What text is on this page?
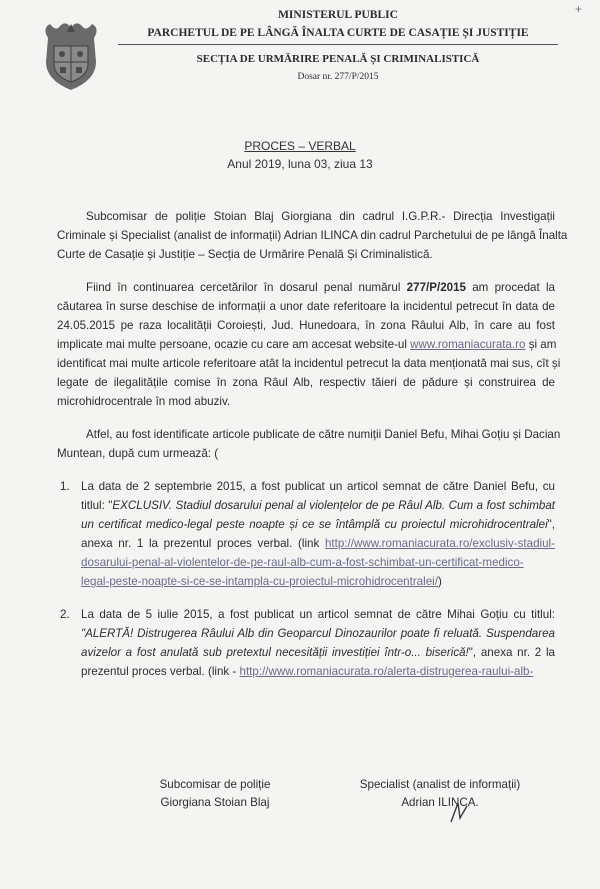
MINISTERUL PUBLIC
PARCHETUL DE PE LÂNGĂ ÎNALTA CURTE DE CASAȚIE ȘI JUSTIȚIE
SECȚIA DE URMĂRIRE PENALĂ ȘI CRIMINALISTICĂ
Dosar nr. 277/P/2015
+
PROCES – VERBAL
Anul 2019, luna 03, ziua 13
Subcomisar de poliție Stoian Blaj Giorgiana din cadrul I.G.P.R.- Direcția Investigații
Criminale și Specialist (analist de informații) Adrian ILINCA din cadrul Parchetului de pe lângă Înalta
Curte de Casație și Justiție – Secția de Urmărire Penală Și Criminalistică.
Fiind în continuarea cercetărilor în dosarul penal numărul 277/P/2015 am procedat la
căutarea în surse deschise de informații a unor date referitoare la incidentul petrecut în data de
24.05.2015 pe raza localității Coroiești, Jud. Hunedoara, în zona Râului Alb, în care au fost
implicate mai multe persoane, ocazie cu care am accesat website-ul www.romaniacurata.ro și am
identificat mai multe articole referitoare atât la incidentul petrecut la data menționată mai sus, cît și
legate de ilegalitățile comise în zona Râul Alb, respectiv tăieri de pădure și construirea de
microhidrocentrale în mod abuziv.
Atfel, au fost identificate articole publicate de către numiții Daniel Befu, Mihai Goțiu și Dacian
Muntean, după cum urmează: (
1. La data de 2 septembrie 2015, a fost publicat un articol semnat de către Daniel Befu, cu
titlul: "EXCLUSIV. Stadiul dosarului penal al violențelor de pe Râul Alb. Cum a fost schimbat
un certificat medico-legal peste noapte și ce se întâmplă cu proiectul microhidrocentralei",
anexa nr. 1 la prezentul proces verbal. (link http://www.romaniacurata.ro/exclusiv-stadiul-
dosarului-penal-al-violentelor-de-pe-raul-alb-cum-a-fost-schimbat-un-certificat-medico-
legal-peste-noapte-si-ce-se-intampla-cu-proiectul-microhidrocentralei/)
2. La data de 5 iulie 2015, a fost publicat un articol semnat de către Mihai Goțiu cu titlul:
"ALERTĂ! Distrugerea Râului Alb din Geoparcul Dinozaurilor poate fi reluată. Suspendarea
avizelor a fost anulată sub pretextul necesității investiției într-o... biserică!", anexa nr. 2 la
prezentul proces verbal. (link - http://www.romaniacurata.ro/alerta-distrugerea-raului-alb-
Subcomisar de poliție
Giorgiana Stoian Blaj
Specialist (analist de informații)
Adrian ILINCA.
